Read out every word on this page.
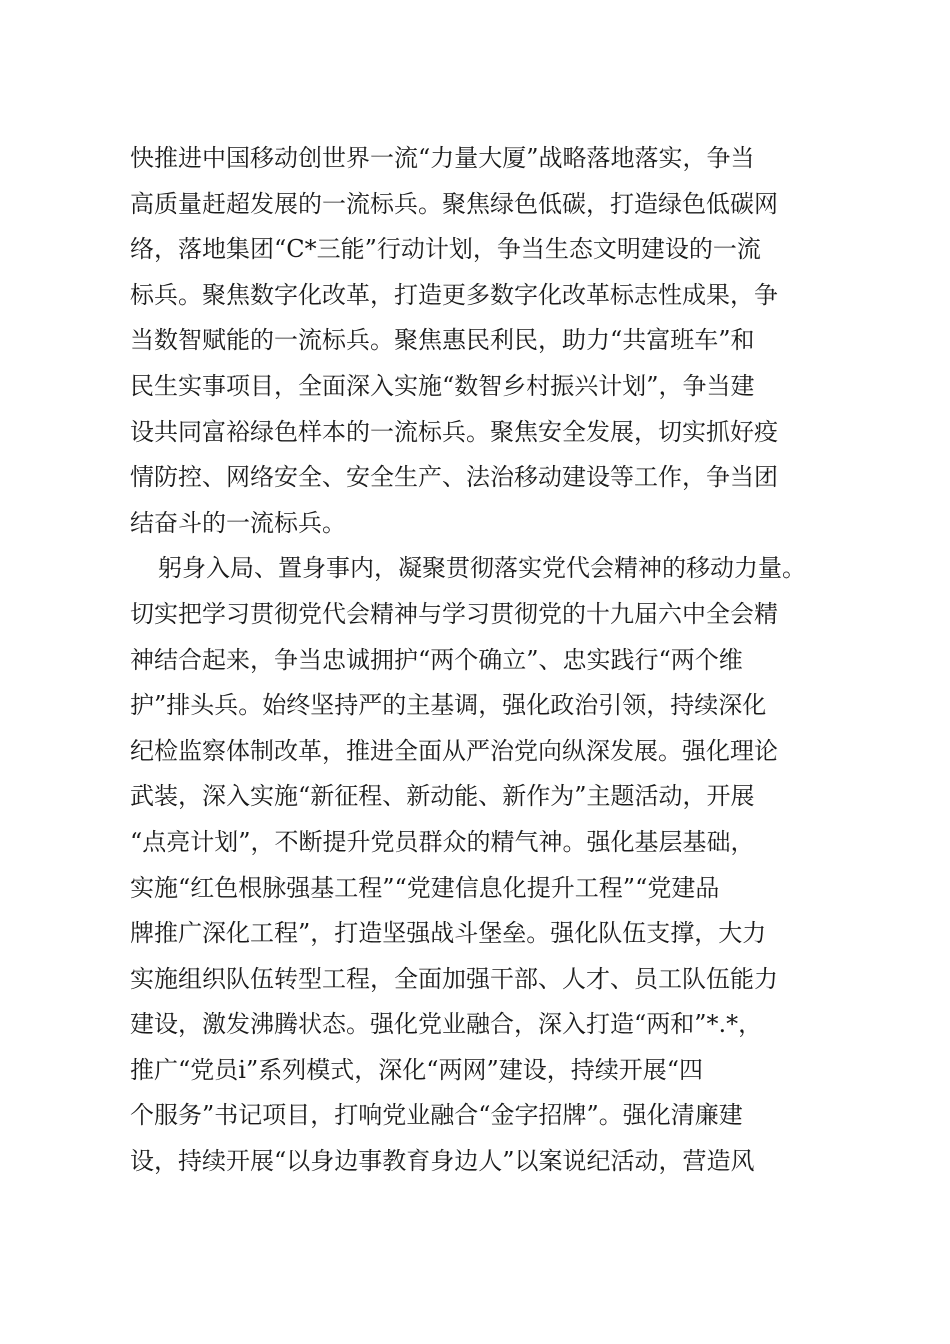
快推进中国移动创世界一流“力量大厦”战略落地落实，争当
高质量赶超发展的一流标兵。聚焦绿色低碳，打造绿色低碳网
络，落地集团“C*三能”行动计划，争当生态文明建设的一流
标兵。聚焦数字化改革，打造更多数字化改革标志性成果，争
当数智赋能的一流标兵。聚焦惠民利民，助力“共富班车”和
民生实事项目，全面深入实施“数智乡村振兴计划”，争当建
设共同富裕绿色样本的一流标兵。聚焦安全发展，切实抓好疫
情防控、网络安全、安全生产、法治移动建设等工作，争当团
结奋斗的一流标兵。
躬身入局、置身事内，凝聚贯彻落实党代会精神的移动力量。
切实把学习贯彻党代会精神与学习贯彻党的十九届六中全会精
神结合起来，争当忠诚拥护“两个确立”、忠实践行“两个维
护”排头兵。始终坚持严的主基调，强化政治引领，持续深化
纪检监察体制改革，推进全面从严治党向纵深发展。强化理论
武装，深入实施“新征程、新动能、新作为”主题活动，开展
“点亮计划”，不断提升党员群众的精气神。强化基层基础，
实施“红色根脉强基工程”“党建信息化提升工程”“党建品
牌推广深化工程”，打造坚强战斗堡垒。强化队伍支撑，大力
实施组织队伍转型工程，全面加强干部、人才、员工队伍能力
建设，激发沸腾状态。强化党业融合，深入打造“两和”*.*，
推广“党员i”系列模式，深化“两网”建设，持续开展“四
个服务”书记项目，打响党业融合“金字招牌”。强化清廉建
设，持续开展“以身边事教育身边人”以案说纪活动，营造风
